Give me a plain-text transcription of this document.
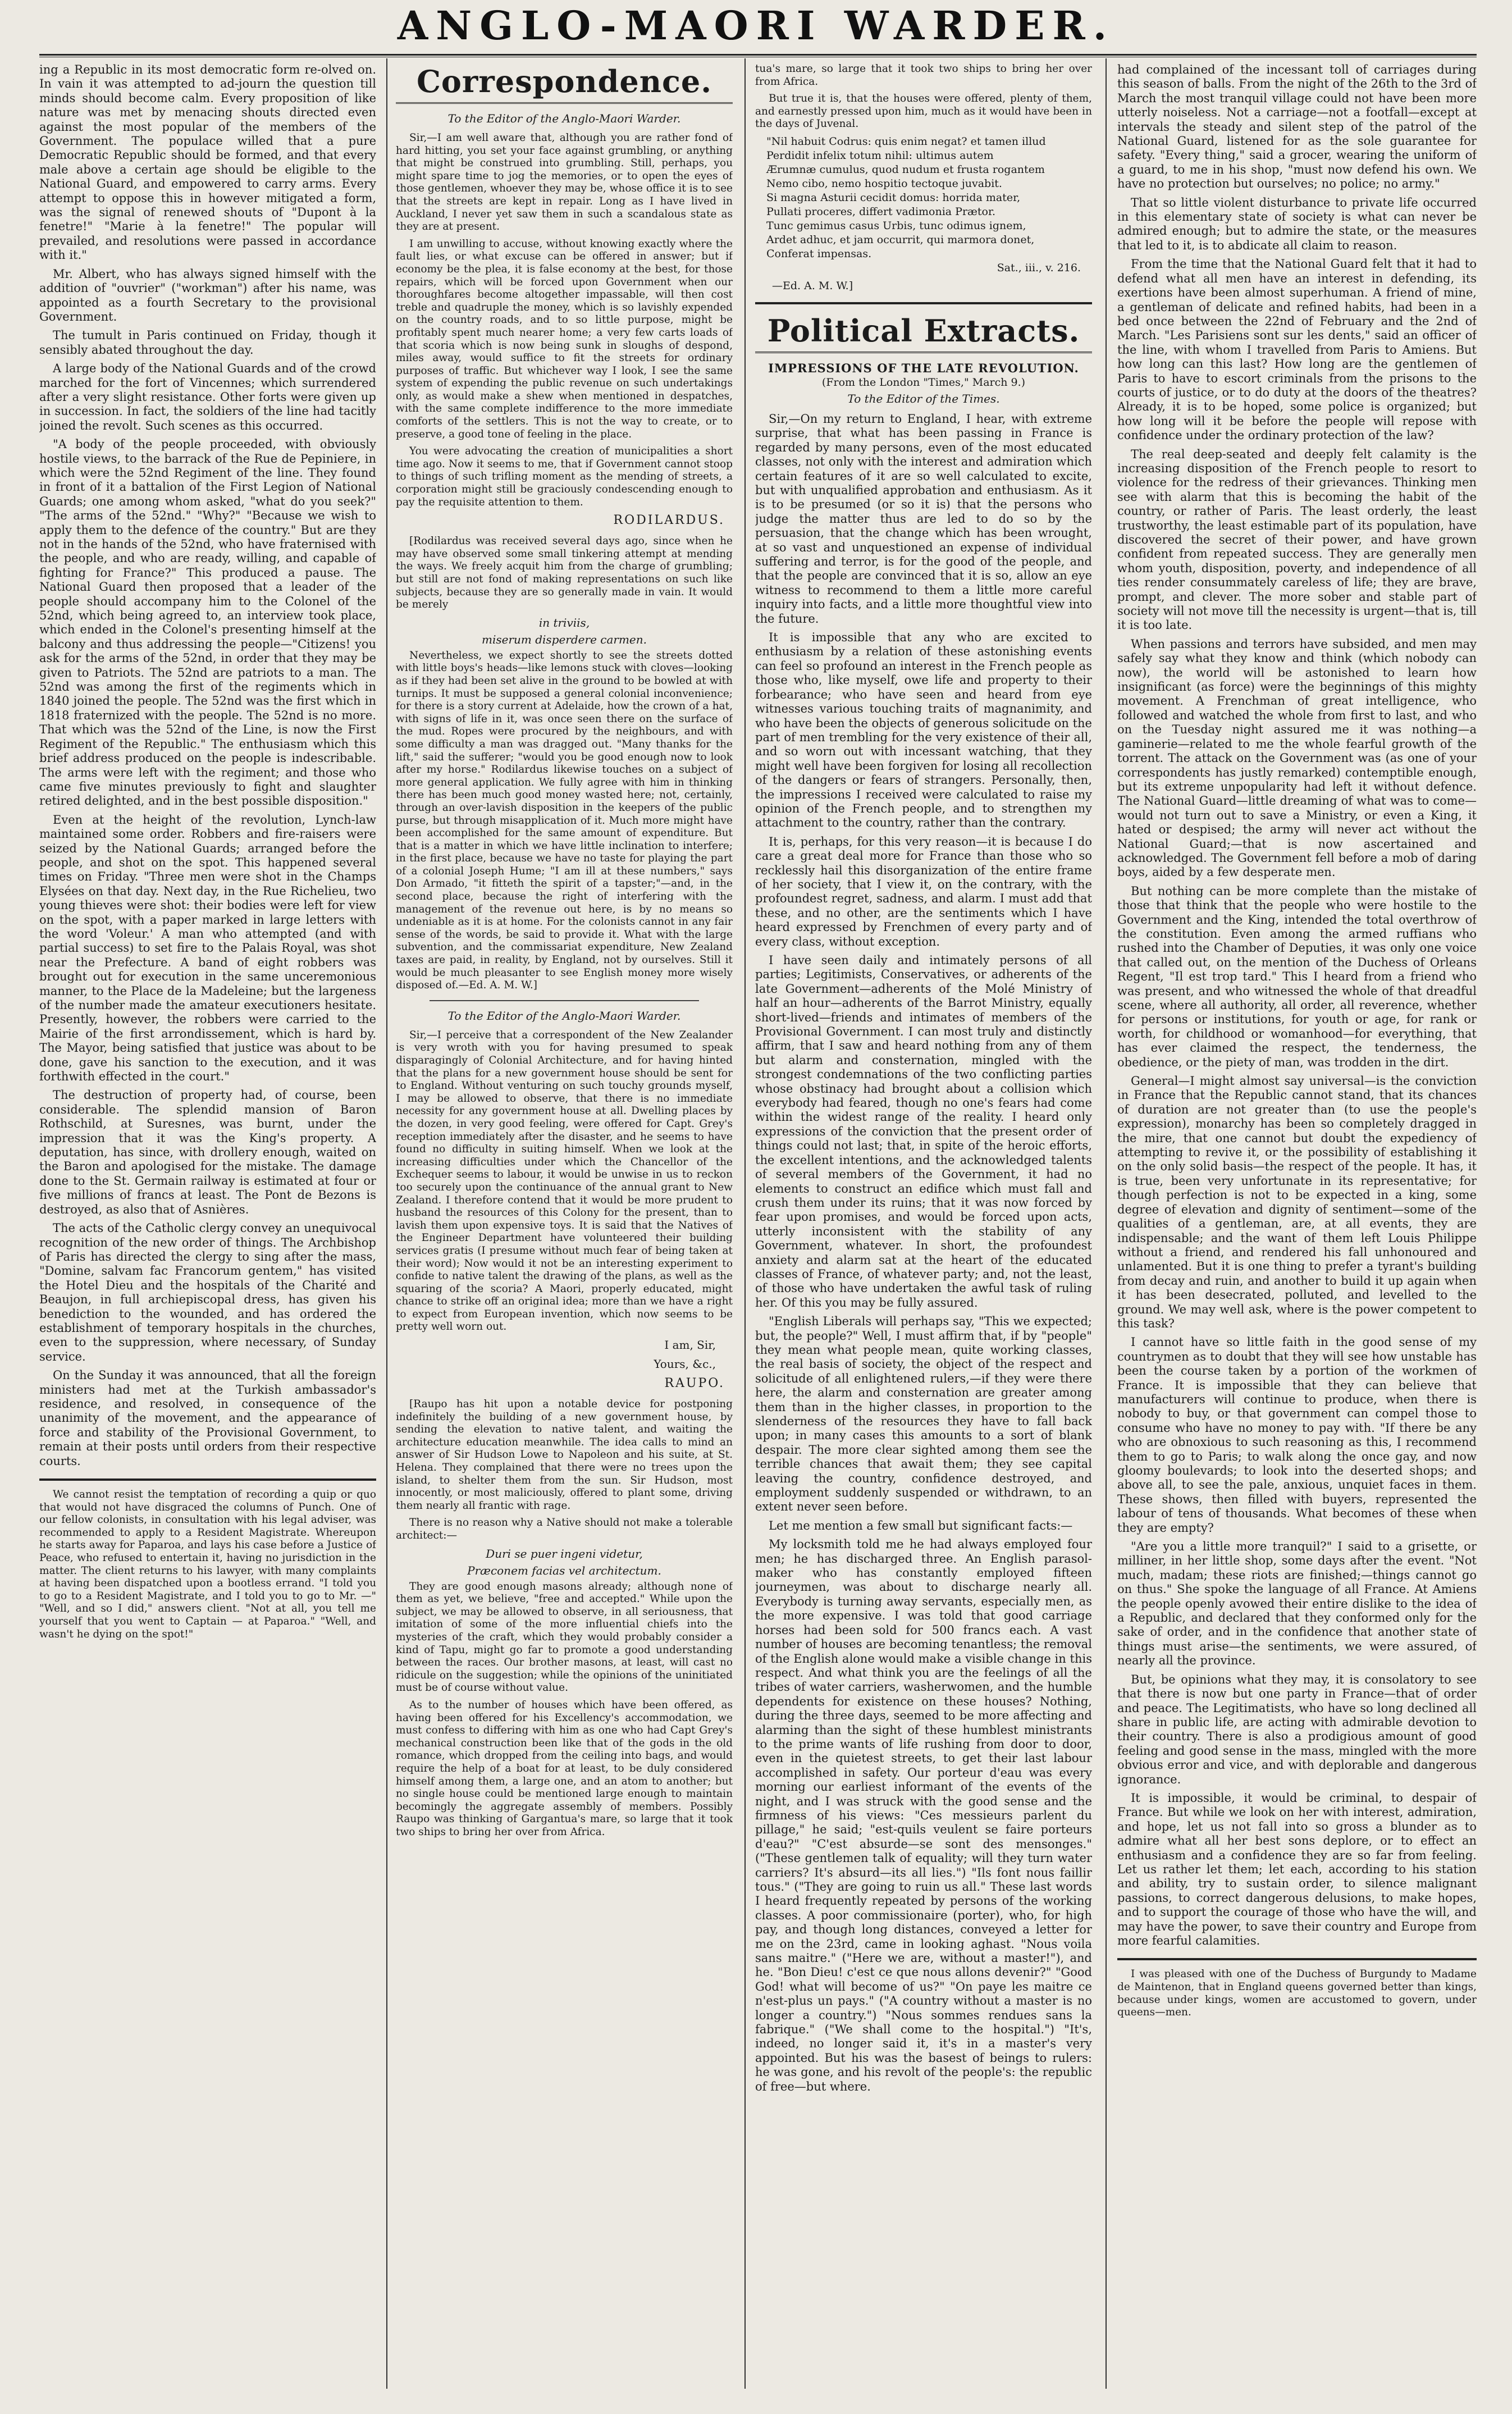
ANGLO-MAORI WARDER.

ing a Republic in its most democratic form re-olved on. In vain it was attempted to ad-journ the question till minds should become calm. Every proposition of like nature was met by menacing shouts directed even against the most popular of the members of the Government. The populace willed that a pure Democratic Republic should be formed, and that every male above a certain age should be eligible to the National Guard, and empowered to carry arms. Every attempt to oppose this in however mitigated a form, was the signal of renewed shouts of "Dupont à la fenetre!" "Marie à la fenetre!" The popular will prevailed, and resolutions were passed in accordance with it."

Mr. Albert, who has always signed himself with the addition of "ouvrier" ("workman") after his name, was appointed as a fourth Secretary to the provisional Government.

The tumult in Paris continued on Friday, though it sensibly abated throughout the day.

A large body of the National Guards and of the crowd marched for the fort of Vincennes; which surrendered after a very slight resistance. Other forts were given up in succession. In fact, the soldiers of the line had tacitly joined the revolt. Such scenes as this occurred.

"A body of the people proceeded, with obviously hostile views, to the barrack of the Rue de Pepiniere, in which were the 52nd Regiment of the line. They found in front of it a battalion of the First Legion of National Guards; one among whom asked, "what do you seek?" "The arms of the 52nd." "Why?" "Because we wish to apply them to the defence of the country." But are they not in the hands of the 52nd, who have fraternised with the people, and who are ready, willing, and capable of fighting for France?" This produced a pause. The National Guard then proposed that a leader of the people should accompany him to the Colonel of the 52nd, which being agreed to, an interview took place, which ended in the Colonel's presenting himself at the balcony and thus addressing the people—"Citizens! you ask for the arms of the 52nd, in order that they may be given to Patriots. The 52nd are patriots to a man. The 52nd was among the first of the regiments which in 1840 joined the people. The 52nd was the first which in 1818 fraternized with the people. The 52nd is no more. That which was the 52nd of the Line, is now the First Regiment of the Republic." The enthusiasm which this brief address produced on the people is indescribable. The arms were left with the regiment; and those who came five minutes previously to fight and slaughter retired delighted, and in the best possible disposition."

Even at the height of the revolution, Lynch-law maintained some order. Robbers and fire-raisers were seized by the National Guards; arranged before the people, and shot on the spot. This happened several times on Friday. "Three men were shot in the Champs Elysées on that day. Next day, in the Rue Richelieu, two young thieves were shot: their bodies were left for view on the spot, with a paper marked in large letters with the word 'Voleur.' A man who attempted (and with partial success) to set fire to the Palais Royal, was shot near the Prefecture. A band of eight robbers was brought out for execution in the same unceremonious manner, to the Place de la Madeleine; but the largeness of the number made the amateur executioners hesitate. Presently, however, the robbers were carried to the Mairie of the first arrondissement, which is hard by. The Mayor, being satisfied that justice was about to be done, gave his sanction to the execution, and it was forthwith effected in the court."

The destruction of property had, of course, been considerable. The splendid mansion of Baron Rothschild, at Suresnes, was burnt, under the impression that it was the King's property. A deputation, has since, with drollery enough, waited on the Baron and apologised for the mistake. The damage done to the St. Germain railway is estimated at four or five millions of francs at least. The Pont de Bezons is destroyed, as also that of Asnières.

The acts of the Catholic clergy convey an unequivocal recognition of the new order of things. The Archbishop of Paris has directed the clergy to sing after the mass, "Domine, salvam fac Francorum gentem," has visited the Hotel Dieu and the hospitals of the Charité and Beaujon, in full archiepiscopal dress, has given his benediction to the wounded, and has ordered the establishment of temporary hospitals in the churches, even to the suppression, where necessary, of Sunday service.

On the Sunday it was announced, that all the foreign ministers had met at the Turkish ambassador's residence, and resolved, in consequence of the unanimity of the movement, and the appearance of force and stability of the Provisional Government, to remain at their posts until orders from their respective courts.

We cannot resist the temptation of recording a quip or quo that would not have disgraced the columns of Punch. One of our fellow colonists, in consultation with his legal adviser, was recommended to apply to a Resident Magistrate. Whereupon he starts away for Paparoa, and lays his case before a Justice of Peace, who refused to entertain it, having no jurisdiction in the matter. The client returns to his lawyer, with many complaints at having been dispatched upon a bootless errand. "I told you to go to a Resident Magistrate, and I told you to go to Mr. —" "Well, and so I did," answers client. "Not at all, you tell me yourself that you went to Captain — at Paparoa." "Well, and wasn't he dying on the spot!"

Correspondence.
To the Editor of the Anglo-Maori Warder.

Sir,—I am well aware that, although you are rather fond of hard hitting, you set your face against grumbling, or anything that might be construed into grumbling. Still, perhaps, you might spare time to jog the memories, or to open the eyes of those gentlemen, whoever they may be, whose office it is to see that the streets are kept in repair. Long as I have lived in Auckland, I never yet saw them in such a scandalous state as they are at present.

I am unwilling to accuse, without knowing exactly where the fault lies, or what excuse can be offered in answer; but if economy be the plea, it is false economy at the best, for those repairs, which will be forced upon Government when our thoroughfares become altogether impassable, will then cost treble and quadruple the money, which is so lavishly expended on the country roads, and to so little purpose, might be profitably spent much nearer home; a very few carts loads of that scoria which is now being sunk in sloughs of despond, miles away, would suffice to fit the streets for ordinary purposes of traffic. But whichever way I look, I see the same system of expending the public revenue on such undertakings only, as would make a shew when mentioned in despatches, with the same complete indifference to the more immediate comforts of the settlers. This is not the way to create, or to preserve, a good tone of feeling in the place.

You were advocating the creation of municipalities a short time ago. Now it seems to me, that if Government cannot stoop to things of such trifling moment as the mending of streets, a corporation might still be graciously condescending enough to pay the requisite attention to them.

RODILARDUS.

[Rodilardus was received several days ago, since when he may have observed some small tinkering attempt at mending the ways. We freely acquit him from the charge of grumbling; but still are not fond of making representations on such like subjects, because they are so generally made in vain. It would be merely

in triviis,
miserum disperdere carmen.

Nevertheless, we expect shortly to see the streets dotted with little boys's heads—like lemons stuck with cloves—looking as if they had been set alive in the ground to be bowled at with turnips. It must be supposed a general colonial inconvenience; for there is a story current at Adelaide, how the crown of a hat, with signs of life in it, was once seen there on the surface of the mud. Ropes were procured by the neighbours, and with some difficulty a man was dragged out. "Many thanks for the lift," said the sufferer; "would you be good enough now to look after my horse." Rodilardus likewise touches on a subject of more general application. We fully agree with him in thinking there has been much good money wasted here; not, certainly, through an over-lavish disposition in the keepers of the public purse, but through misapplication of it. Much more might have been accomplished for the same amount of expenditure. But that is a matter in which we have little inclination to interfere; in the first place, because we have no taste for playing the part of a colonial Joseph Hume; "I am ill at these numbers," says Don Armado, "it fitteth the spirit of a tapster;"—and, in the second place, because the right of interfering with the management of the revenue out here, is by no means so undeniable as it is at home. For the colonists cannot in any fair sense of the words, be said to provide it. What with the large subvention, and the commissariat expenditure, New Zealand taxes are paid, in reality, by England, not by ourselves. Still it would be much pleasanter to see English money more wisely disposed of.—Ed. A. M. W.]

To the Editor of the Anglo-Maori Warder.

Sir,—I perceive that a correspondent of the New Zealander is very wroth with you for having presumed to speak disparagingly of Colonial Architecture, and for having hinted that the plans for a new government house should be sent for to England. Without venturing on such touchy grounds myself, I may be allowed to observe, that there is no immediate necessity for any government house at all. Dwelling places by the dozen, in very good feeling, were offered for Capt. Grey's reception immediately after the disaster, and he seems to have found no difficulty in suiting himself. When we look at the increasing difficulties under which the Chancellor of the Exchequer seems to labour, it would be unwise in us to reckon too securely upon the continuance of the annual grant to New Zealand. I therefore contend that it would be more prudent to husband the resources of this Colony for the present, than to lavish them upon expensive toys. It is said that the Natives of the Engineer Department have volunteered their building services gratis (I presume without much fear of being taken at their word); Now would it not be an interesting experiment to confide to native talent the drawing of the plans, as well as the squaring of the scoria? A Maori, properly educated, might chance to strike off an original idea; more than we have a right to expect from European invention, which now seems to be pretty well worn out.

I am, Sir,
Yours, &c.,
RAUPO.

[Raupo has hit upon a notable device for postponing indefinitely the building of a new government house, by sending the elevation to native talent, and waiting the architecture education meanwhile. The idea calls to mind an answer of Sir Hudson Lowe to Napoleon and his suite, at St. Helena. They complained that there were no trees upon the island, to shelter them from the sun. Sir Hudson, most innocently, or most maliciously, offered to plant some, driving them nearly all frantic with rage.

There is no reason why a Native should not make a tolerable architect:—

Duri se puer ingeni videtur,
Præconem facias vel architectum.

They are good enough masons already; although none of them as yet, we believe, "free and accepted." While upon the subject, we may be allowed to observe, in all seriousness, that imitation of some of the more influential chiefs into the mysteries of the craft, which they would probably consider a kind of Tapu, might go far to promote a good understanding between the races. Our brother masons, at least, will cast no ridicule on the suggestion; while the opinions of the uninitiated must be of course without value.

As to the number of houses which have been offered, as having been offered for his Excellency's accommodation, we must confess to differing with him as one who had Capt Grey's mechanical construction been like that of the gods in the old romance, which dropped from the ceiling into bags, and would require the help of a boat for at least, to be duly considered himself among them, a large one, and an atom to another; but no single house could be mentioned large enough to maintain becomingly the aggregate assembly of members. Possibly Raupo was thinking of Gargantua's mare, so large that it took two ships to bring her over from Africa.

tua's mare, so large that it took two ships to bring her over from Africa.

But true it is, that the houses were offered, plenty of them, and earnestly pressed upon him, much as it would have been in the days of Juvenal.

"Nil habuit Codrus: quis enim negat? et tamen illud

Perdidit infelix totum nihil: ultimus autem

Ærumnæ cumulus, quod nudum et frusta rogantem

Nemo cibo, nemo hospitio tectoque juvabit.

Si magna Asturii cecidit domus: horrida mater,

Pullati proceres, differt vadimonia Prætor.

Tunc gemimus casus Urbis, tunc odimus ignem,

Ardet adhuc, et jam occurrit, qui marmora donet,

Conferat impensas.

Sat., iii., v. 216.
—Ed. A. M. W.]
Political Extracts.
IMPRESSIONS OF THE LATE REVOLUTION.
(From the London "Times," March 9.)
To the Editor of the Times.

Sir,—On my return to England, I hear, with extreme surprise, that what has been passing in France is regarded by many persons, even of the most educated classes, not only with the interest and admiration which certain features of it are so well calculated to excite, but with unqualified approbation and enthusiasm. As it is to be presumed (or so it is) that the persons who judge the matter thus are led to do so by the persuasion, that the change which has been wrought, at so vast and unquestioned an expense of individual suffering and terror, is for the good of the people, and that the people are convinced that it is so, allow an eye witness to recommend to them a little more careful inquiry into facts, and a little more thoughtful view into the future.

It is impossible that any who are excited to enthusiasm by a relation of these astonishing events can feel so profound an interest in the French people as those who, like myself, owe life and property to their forbearance; who have seen and heard from eye witnesses various touching traits of magnanimity, and who have been the objects of generous solicitude on the part of men trembling for the very existence of their all, and so worn out with incessant watching, that they might well have been forgiven for losing all recollection of the dangers or fears of strangers. Personally, then, the impressions I received were calculated to raise my opinion of the French people, and to strengthen my attachment to the country, rather than the contrary.

It is, perhaps, for this very reason—it is because I do care a great deal more for France than those who so recklessly hail this disorganization of the entire frame of her society, that I view it, on the contrary, with the profoundest regret, sadness, and alarm. I must add that these, and no other, are the sentiments which I have heard expressed by Frenchmen of every party and of every class, without exception.

I have seen daily and intimately persons of all parties; Legitimists, Conservatives, or adherents of the late Government—adherents of the Molé Ministry of half an hour—adherents of the Barrot Ministry, equally short-lived—friends and intimates of members of the Provisional Government. I can most truly and distinctly affirm, that I saw and heard nothing from any of them but alarm and consternation, mingled with the strongest condemnations of the two conflicting parties whose obstinacy had brought about a collision which everybody had feared, though no one's fears had come within the widest range of the reality. I heard only expressions of the conviction that the present order of things could not last; that, in spite of the heroic efforts, the excellent intentions, and the acknowledged talents of several members of the Government, it had no elements to construct an edifice which must fall and crush them under its ruins; that it was now forced by fear upon promises, and would be forced upon acts, utterly inconsistent with the stability of any Government, whatever. In short, the profoundest anxiety and alarm sat at the heart of the educated classes of France, of whatever party; and, not the least, of those who have undertaken the awful task of ruling her. Of this you may be fully assured.

"English Liberals will perhaps say, "This we expected; but, the people?" Well, I must affirm that, if by "people" they mean what people mean, quite working classes, the real basis of society, the object of the respect and solicitude of all enlightened rulers,—if they were there here, the alarm and consternation are greater among them than in the higher classes, in proportion to the slenderness of the resources they have to fall back upon; in many cases this amounts to a sort of blank despair. The more clear sighted among them see the terrible chances that await them; they see capital leaving the country, confidence destroyed, and employment suddenly suspended or withdrawn, to an extent never seen before.

Let me mention a few small but significant facts:—

My locksmith told me he had always employed four men; he has discharged three. An English parasol-maker who has constantly employed fifteen journeymen, was about to discharge nearly all. Everybody is turning away servants, especially men, as the more expensive. I was told that good carriage horses had been sold for 500 francs each. A vast number of houses are becoming tenantless; the removal of the English alone would make a visible change in this respect. And what think you are the feelings of all the tribes of water carriers, washerwomen, and the humble dependents for existence on these houses? Nothing, during the three days, seemed to be more affecting and alarming than the sight of these humblest ministrants to the prime wants of life rushing from door to door, even in the quietest streets, to get their last labour accomplished in safety. Our porteur d'eau was every morning our earliest informant of the events of the night, and I was struck with the good sense and the firmness of his views: "Ces messieurs parlent du pillage," he said; "est-quils veulent se faire porteurs d'eau?" "C'est absurde—se sont des mensonges." ("These gentlemen talk of equality; will they turn water carriers? It's absurd—its all lies.") "Ils font nous faillir tous." ("They are going to ruin us all." These last words I heard frequently repeated by persons of the working classes. A poor commissionaire (porter), who, for high pay, and though long distances, conveyed a letter for me on the 23rd, came in looking aghast. "Nous voila sans maitre." ("Here we are, without a master!"), and he. "Bon Dieu! c'est ce que nous allons devenir?" "Good God! what will become of us?" "On paye les maitre ce n'est-plus un pays." ("A country without a master is no longer a country.") "Nous sommes rendues sans la fabrique." ("We shall come to the hospital.") "It's, indeed, no longer said it, it's in a master's very appointed. But his was the basest of beings to rulers: he was gone, and his revolt of the people's: the republic of free—but where.

had complained of the incessant toll of carriages during this season of balls. From the night of the 26th to the 3rd of March the most tranquil village could not have been more utterly noiseless. Not a carriage—not a footfall—except at intervals the steady and silent step of the patrol of the National Guard, listened for as the sole guarantee for safety. "Every thing," said a grocer, wearing the uniform of a guard, to me in his shop, "must now defend his own. We have no protection but ourselves; no police; no army."

That so little violent disturbance to private life occurred in this elementary state of society is what can never be admired enough; but to admire the state, or the measures that led to it, is to abdicate all claim to reason.

From the time that the National Guard felt that it had to defend what all men have an interest in defending, its exertions have been almost superhuman. A friend of mine, a gentleman of delicate and refined habits, had been in a bed once between the 22nd of February and the 2nd of March. "Les Parisiens sont sur les dents," said an officer of the line, with whom I travelled from Paris to Amiens. But how long can this last? How long are the gentlemen of Paris to have to escort criminals from the prisons to the courts of justice, or to do duty at the doors of the theatres? Already, it is to be hoped, some police is organized; but how long will it be before the people will repose with confidence under the ordinary protection of the law?

The real deep-seated and deeply felt calamity is the increasing disposition of the French people to resort to violence for the redress of their grievances. Thinking men see with alarm that this is becoming the habit of the country, or rather of Paris. The least orderly, the least trustworthy, the least estimable part of its population, have discovered the secret of their power, and have grown confident from repeated success. They are generally men whom youth, disposition, poverty, and independence of all ties render consummately careless of life; they are brave, prompt, and clever. The more sober and stable part of society will not move till the necessity is urgent—that is, till it is too late.

When passions and terrors have subsided, and men may safely say what they know and think (which nobody can now), the world will be astonished to learn how insignificant (as force) were the beginnings of this mighty movement. A Frenchman of great intelligence, who followed and watched the whole from first to last, and who on the Tuesday night assured me it was nothing—a gaminerie—related to me the whole fearful growth of the torrent. The attack on the Government was (as one of your correspondents has justly remarked) contemptible enough, but its extreme unpopularity had left it without defence. The National Guard—little dreaming of what was to come—would not turn out to save a Ministry, or even a King, it hated or despised; the army will never act without the National Guard;—that is now ascertained and acknowledged. The Government fell before a mob of daring boys, aided by a few desperate men.

But nothing can be more complete than the mistake of those that think that the people who were hostile to the Government and the King, intended the total overthrow of the constitution. Even among the armed ruffians who rushed into the Chamber of Deputies, it was only one voice that called out, on the mention of the Duchess of Orleans Regent, "Il est trop tard." This I heard from a friend who was present, and who witnessed the whole of that dreadful scene, where all authority, all order, all reverence, whether for persons or institutions, for youth or age, for rank or worth, for childhood or womanhood—for everything, that has ever claimed the respect, the tenderness, the obedience, or the piety of man, was trodden in the dirt.

General—I might almost say universal—is the conviction in France that the Republic cannot stand, that its chances of duration are not greater than (to use the people's expression), monarchy has been so completely dragged in the mire, that one cannot but doubt the expediency of attempting to revive it, or the possibility of establishing it on the only solid basis—the respect of the people. It has, it is true, been very unfortunate in its representative; for though perfection is not to be expected in a king, some degree of elevation and dignity of sentiment—some of the qualities of a gentleman, are, at all events, they are indispensable; and the want of them left Louis Philippe without a friend, and rendered his fall unhonoured and unlamented. But it is one thing to prefer a tyrant's building from decay and ruin, and another to build it up again when it has been desecrated, polluted, and levelled to the ground. We may well ask, where is the power competent to this task?

I cannot have so little faith in the good sense of my countrymen as to doubt that they will see how unstable has been the course taken by a portion of the workmen of France. It is impossible that they can believe that manufacturers will continue to produce, when there is nobody to buy, or that government can compel those to consume who have no money to pay with. "If there be any who are obnoxious to such reasoning as this, I recommend them to go to Paris; to walk along the once gay, and now gloomy boulevards; to look into the deserted shops; and above all, to see the pale, anxious, unquiet faces in them. These shows, then filled with buyers, represented the labour of tens of thousands. What becomes of these when they are empty?

"Are you a little more tranquil?" I said to a grisette, or milliner, in her little shop, some days after the event. "Not much, madam; these riots are finished;—things cannot go on thus." She spoke the language of all France. At Amiens the people openly avowed their entire dislike to the idea of a Republic, and declared that they conformed only for the sake of order, and in the confidence that another state of things must arise—the sentiments, we were assured, of nearly all the province.

But, be opinions what they may, it is consolatory to see that there is now but one party in France—that of order and peace. The Legitimatists, who have so long declined all share in public life, are acting with admirable devotion to their country. There is also a prodigious amount of good feeling and good sense in the mass, mingled with the more obvious error and vice, and with deplorable and dangerous ignorance.

It is impossible, it would be criminal, to despair of France. But while we look on her with interest, admiration, and hope, let us not fall into so gross a blunder as to admire what all her best sons deplore, or to effect an enthusiasm and a confidence they are so far from feeling. Let us rather let them; let each, according to his station and ability, try to sustain order, to silence malignant passions, to correct dangerous delusions, to make hopes, and to support the courage of those who have the will, and may have the power, to save their country and Europe from more fearful calamities.

I was pleased with one of the Duchess of Burgundy to Madame de Maintenon, that in England queens governed better than kings, because under kings, women are accustomed to govern, under queens—men.
